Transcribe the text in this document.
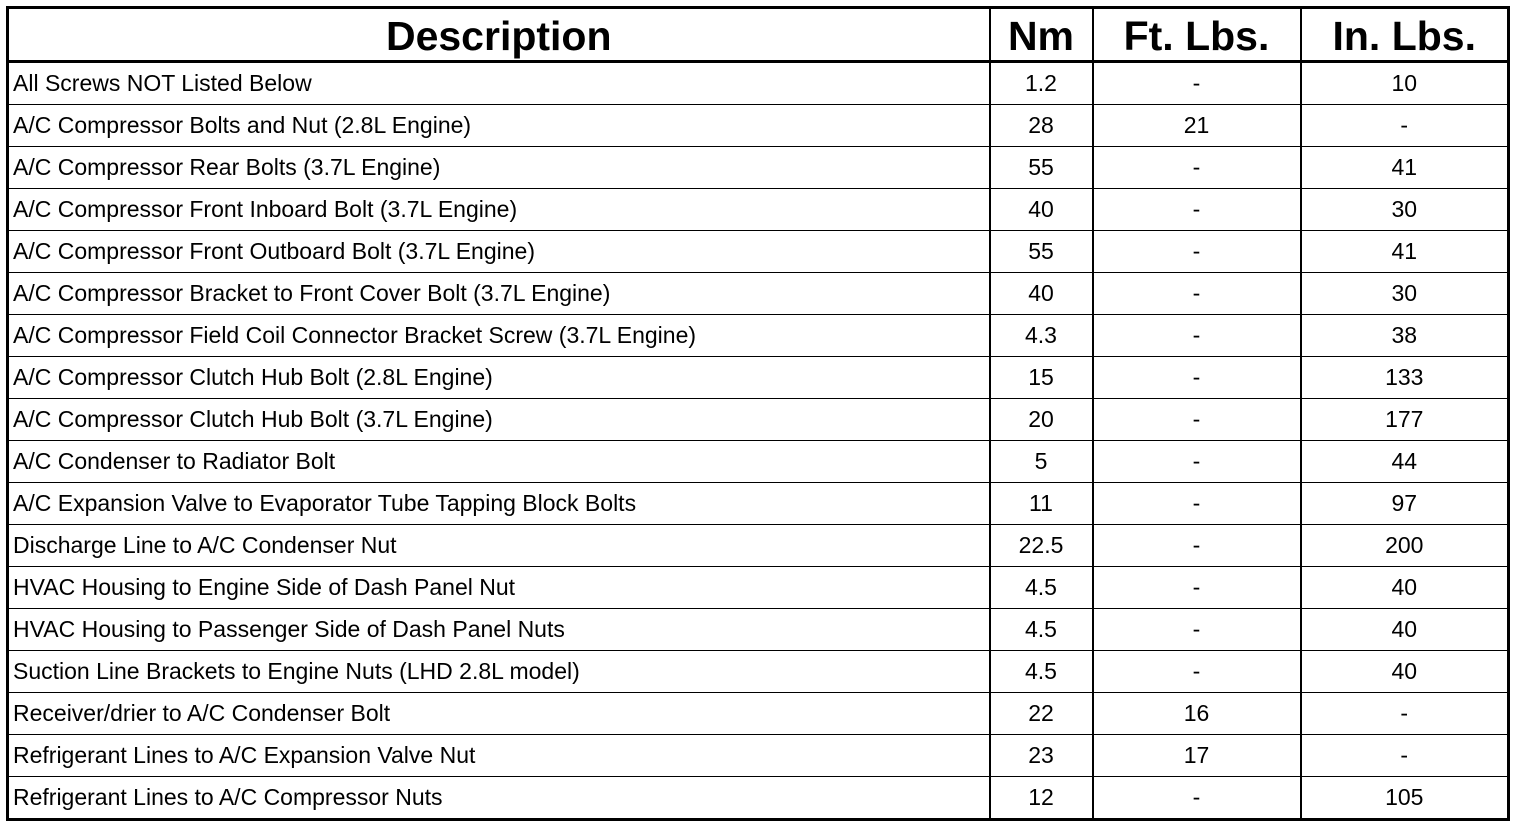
Description	Nm	Ft. Lbs.	In. Lbs.
All Screws NOT Listed Below	1.2	-	10
A/C Compressor Bolts and Nut (2.8L Engine)	28	21	-
A/C Compressor Rear Bolts (3.7L Engine)	55	-	41
A/C Compressor Front Inboard Bolt (3.7L Engine)	40	-	30
A/C Compressor Front Outboard Bolt (3.7L Engine)	55	-	41
A/C Compressor Bracket to Front Cover Bolt (3.7L Engine)	40	-	30
A/C Compressor Field Coil Connector Bracket Screw (3.7L Engine)	4.3	-	38
A/C Compressor Clutch Hub Bolt (2.8L Engine)	15	-	133
A/C Compressor Clutch Hub Bolt (3.7L Engine)	20	-	177
A/C Condenser to Radiator Bolt	5	-	44
A/C Expansion Valve to Evaporator Tube Tapping Block Bolts	11	-	97
Discharge Line to A/C Condenser Nut	22.5	-	200
HVAC Housing to Engine Side of Dash Panel Nut	4.5	-	40
HVAC Housing to Passenger Side of Dash Panel Nuts	4.5	-	40
Suction Line Brackets to Engine Nuts (LHD 2.8L model)	4.5	-	40
Receiver/drier to A/C Condenser Bolt	22	16	-
Refrigerant Lines to A/C Expansion Valve Nut	23	17	-
Refrigerant Lines to A/C Compressor Nuts	12	-	105
